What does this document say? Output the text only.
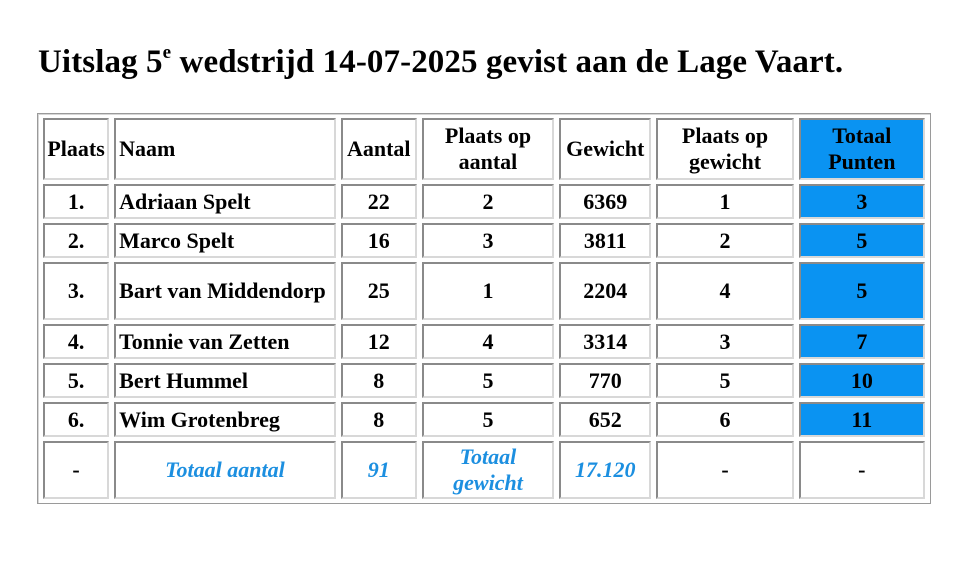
Uitslag 5e wedstrijd 14-07-2025 gevist aan de Lage Vaart.
Plaats	Naam	Aantal	Plaats op aantal	Gewicht	Plaats op gewicht	Totaal Punten
1.	Adriaan Spelt	22	2	6369	1	3
2.	Marco Spelt	16	3	3811	2	5
3.	Bart van Middendorp	25	1	2204	4	5
4.	Tonnie van Zetten	12	4	3314	3	7
5.	Bert Hummel	8	5	770	5	10
6.	Wim Grotenbreg	8	5	652	6	11
-	Totaal aantal	91	Totaal gewicht	17.120	-	-
